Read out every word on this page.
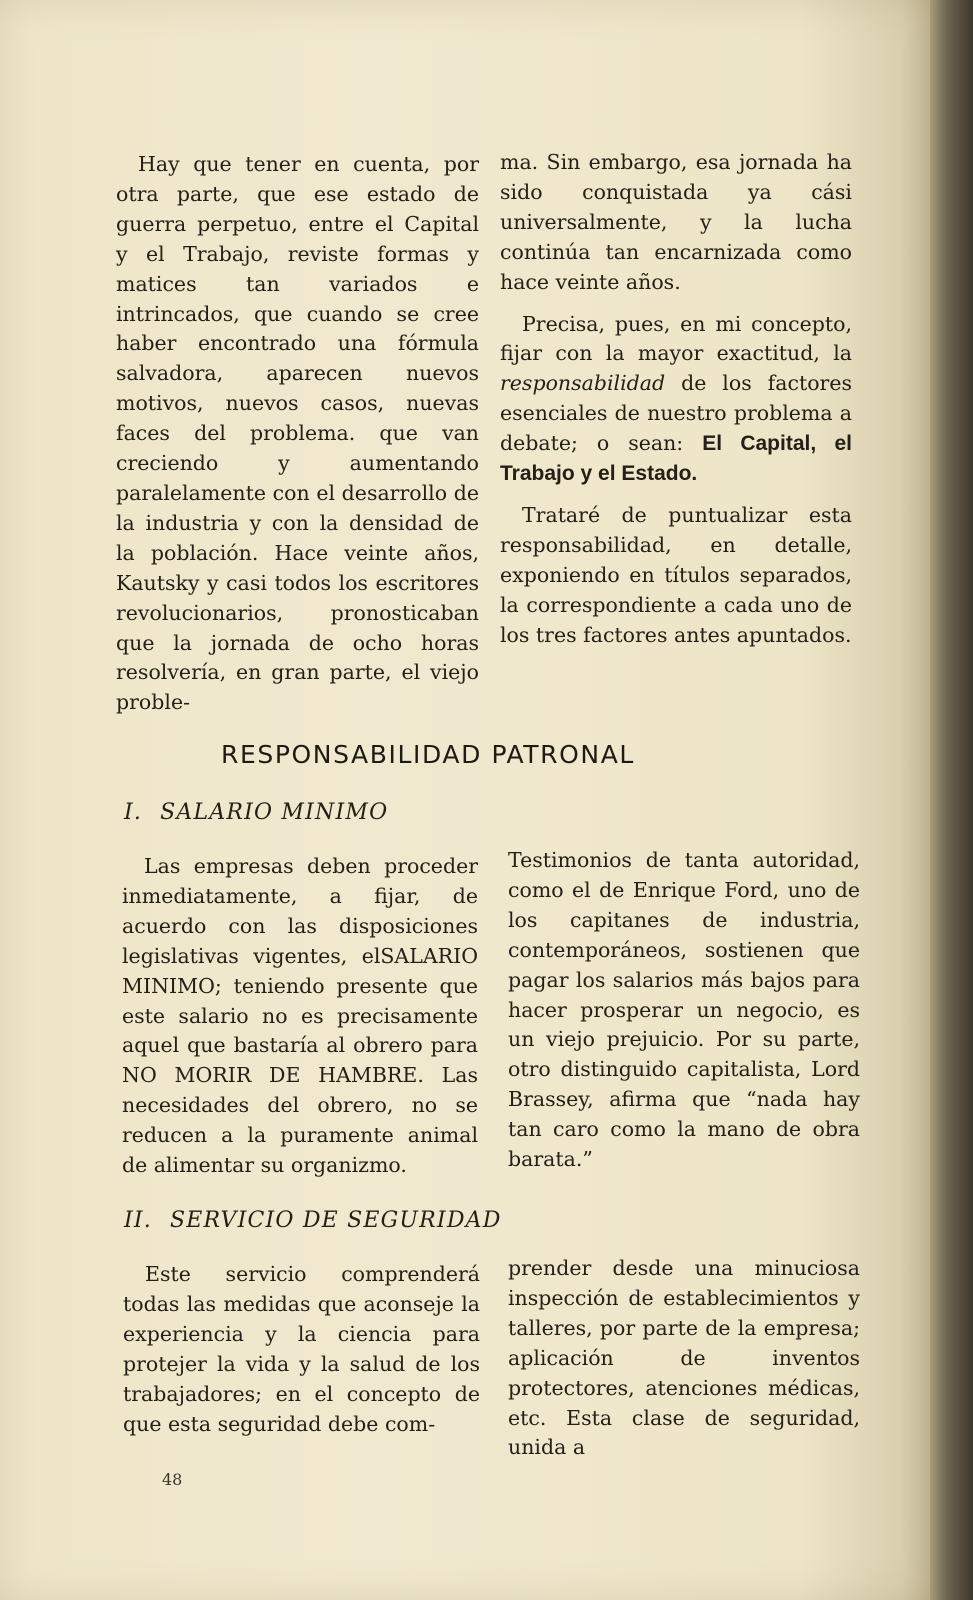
Hay que tener en cuenta, por otra parte, que ese estado de guerra perpetuo, entre el Capital y el Trabajo, reviste formas y matices tan variados e intrincados, que cuando se cree haber encontrado una fórmula salvadora, aparecen nuevos motivos, nuevos casos, nuevas faces del problema. que van creciendo y aumentando paralelamente con el desarrollo de la industria y con la densidad de la población. Hace veinte años, Kautsky y casi todos los escritores revolucionarios, pronosticaban que la jornada de ocho horas resolvería, en gran parte, el viejo proble-

ma. Sin embargo, esa jornada ha sido conquistada ya cási universalmente, y la lucha continúa tan encarnizada como hace veinte años.

Precisa, pues, en mi concepto, fijar con la mayor exactitud, la responsabilidad de los factores esenciales de nuestro problema a debate; o sean: El Capital, el Trabajo y el Estado.

Trataré de puntualizar esta responsabilidad, en detalle, exponiendo en títulos separados, la correspondiente a cada uno de los tres factores antes apuntados.

RESPONSABILIDAD PATRONAL
I. SALARIO MINIMO

Las empresas deben proceder inmediatamente, a fijar, de acuerdo con las disposiciones legislativas vigentes, elSALARIO MINIMO; teniendo presente que este salario no es precisamente aquel que bastaría al obrero para NO MORIR DE HAMBRE. Las necesidades del obrero, no se reducen a la puramente animal de alimentar su organizmo.

Testimonios de tanta autoridad, como el de Enrique Ford, uno de los capitanes de industria, contemporáneos, sostienen que pagar los salarios más bajos para hacer prosperar un negocio, es un viejo prejuicio. Por su parte, otro distinguido capitalista, Lord Brassey, afirma que “nada hay tan caro como la mano de obra barata.”

II. SERVICIO DE SEGURIDAD

Este servicio comprenderá todas las medidas que aconseje la experiencia y la ciencia para protejer la vida y la salud de los trabajadores; en el concepto de que esta seguridad debe com-

prender desde una minuciosa inspección de establecimientos y talleres, por parte de la empresa; aplicación de inventos protectores, atenciones médicas, etc. Esta clase de seguridad, unida a

48
